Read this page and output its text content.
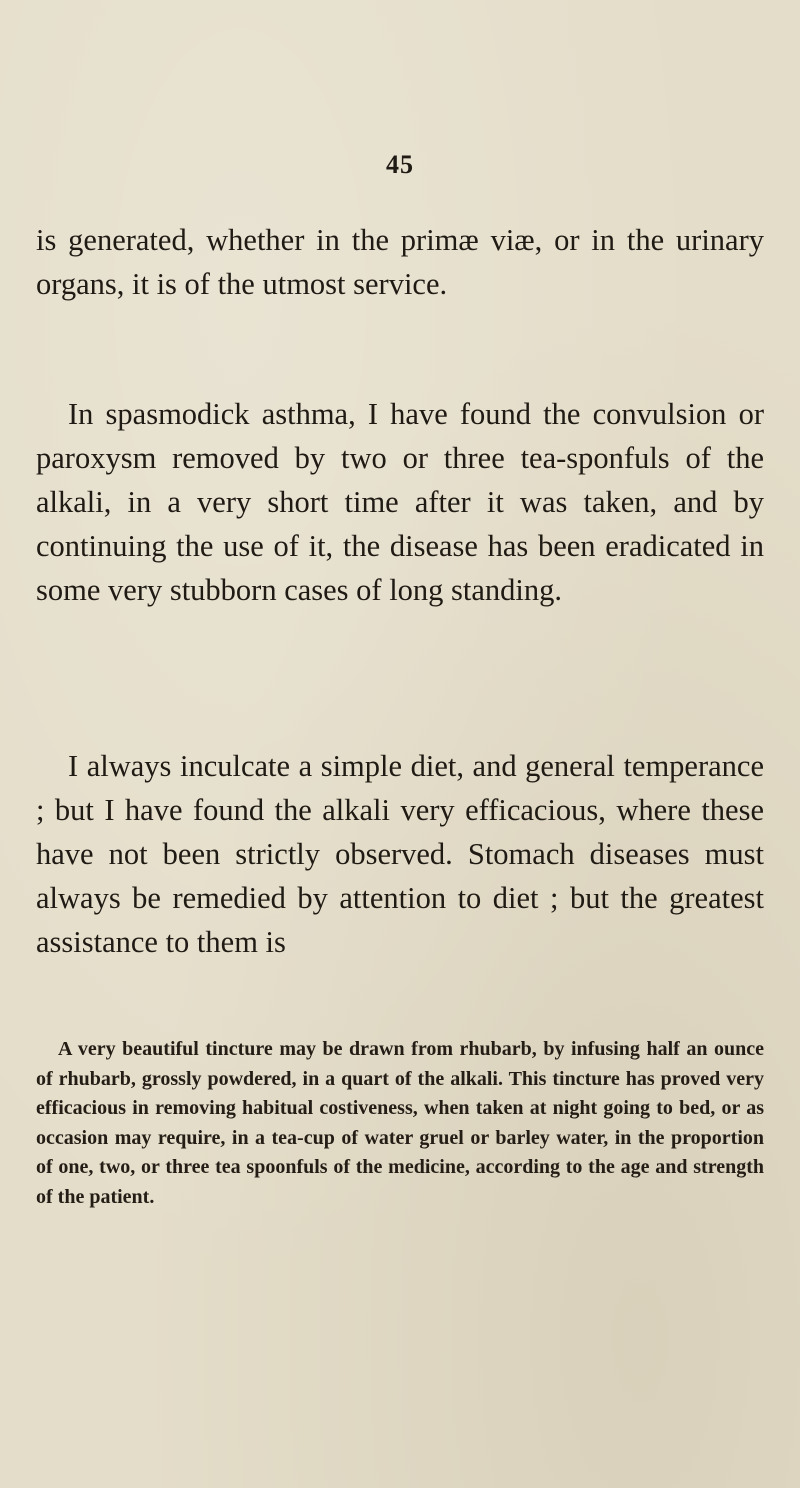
45

is generated, whether in the primæ viæ, or in the urinary organs, it is of the utmost service.

In spasmodick asthma, I have found the convulsion or paroxysm removed by two or three tea-sponfuls of the alkali, in a very short time after it was taken, and by continuing the use of it, the disease has been eradicated in some very stubborn cases of long standing.

I always inculcate a simple diet, and general temperance ; but I have found the alkali very efficacious, where these have not been strictly observed. Stomach diseases must always be remedied by attention to diet ; but the greatest assistance to them is

A very beautiful tincture may be drawn from rhubarb, by infusing half an ounce of rhubarb, grossly powdered, in a quart of the alkali. This tincture has proved very efficacious in removing habitual costiveness, when taken at night going to bed, or as occasion may require, in a tea-cup of water gruel or barley water, in the proportion of one, two, or three tea spoonfuls of the medicine, according to the age and strength of the patient.
